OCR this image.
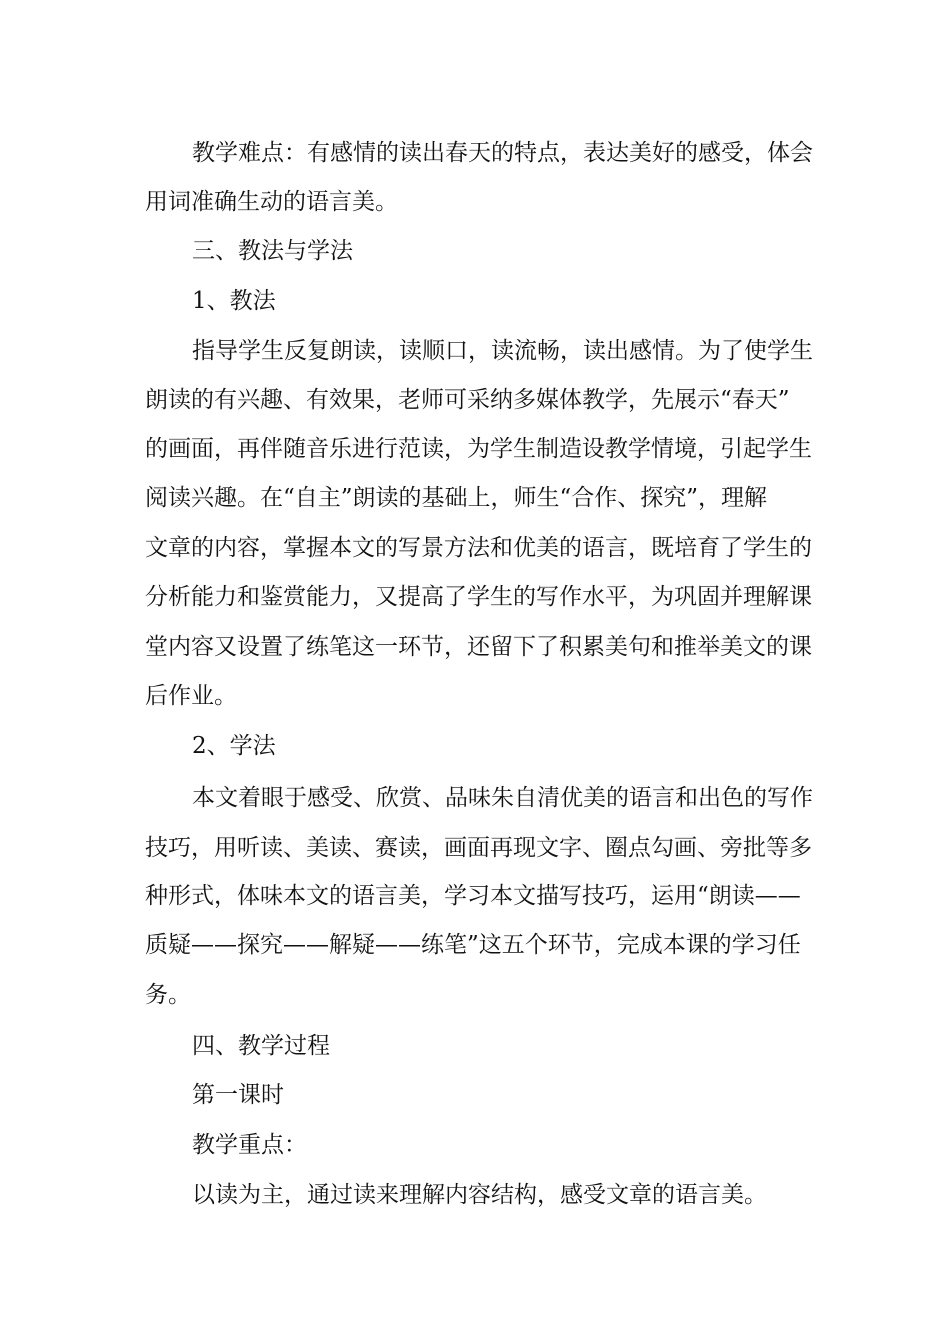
教学难点：有感情的读出春天的特点，表达美好的感受，体会
用词准确生动的语言美。
三、教法与学法
1、教法
指导学生反复朗读，读顺口，读流畅，读出感情。为了使学生
朗读的有兴趣、有效果，老师可采纳多媒体教学，先展示“春天”
的画面，再伴随音乐进行范读，为学生制造设教学情境，引起学生
阅读兴趣。在“自主”朗读的基础上，师生“合作、探究”，理解
文章的内容，掌握本文的写景方法和优美的语言，既培育了学生的
分析能力和鉴赏能力，又提高了学生的写作水平，为巩固并理解课
堂内容又设置了练笔这一环节，还留下了积累美句和推举美文的课
后作业。
2、学法
本文着眼于感受、欣赏、品味朱自清优美的语言和出色的写作
技巧，用听读、美读、赛读，画面再现文字、圈点勾画、旁批等多
种形式，体味本文的语言美，学习本文描写技巧，运用“朗读——
质疑——探究——解疑——练笔”这五个环节，完成本课的学习任
务。
四、教学过程
第一课时
教学重点：
以读为主，通过读来理解内容结构，感受文章的语言美。
